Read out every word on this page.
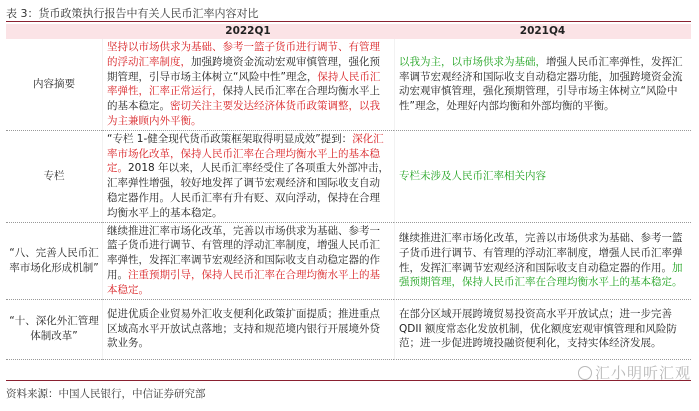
表 3：货币政策执行报告中有关人民币汇率内容对比
	2022Q1	2021Q4
内容摘要	坚持以市场供求为基础、参考一篮子货币进行调节、有管理的浮动汇率制度，加强跨境资金流动宏观审慎管理，强化预期管理，引导市场主体树立“风险中性”理念，保持人民币汇率弹性，汇率正常运行，保持人民币汇率在合理均衡水平上的基本稳定。密切关注主要发达经济体货币政策调整，以我为主兼顾内外平衡。	以我为主，以市场供求为基础，增强人民币汇率弹性，发挥汇率调节宏观经济和国际收支自动稳定器功能，加强跨境资金流动宏观审慎管理，强化预期管理，引导市场主体树立“风险中性”理念，处理好内部均衡和外部均衡的平衡。
专栏	“专栏 1-健全现代货币政策框架取得明显成效”提到：深化汇率市场化改革，保持人民币汇率在合理均衡水平上的基本稳定。2018 年以来，人民币汇率经受住了各项重大外部冲击，汇率弹性增强，较好地发挥了调节宏观经济和国际收支自动稳定器作用。人民币汇率有升有贬、双向浮动，保持在合理均衡水平上的基本稳定。	专栏未涉及人民币汇率相关内容
“八、完善人民币汇率市场化形成机制”	继续推进汇率市场化改革，完善以市场供求为基础、参考一篮子货币进行调节、有管理的浮动汇率制度，增强人民币汇率弹性，发挥汇率调节宏观经济和国际收支自动稳定器的作用。注重预期引导，保持人民币汇率在合理均衡水平上的基本稳定。	继续推进汇率市场化改革，完善以市场供求为基础、参考一篮子货币进行调节、有管理的浮动汇率制度，增强人民币汇率弹性，发挥汇率调节宏观经济和国际收支自动稳定器的作用。加强预期管理，保持人民币汇率在合理均衡水平上的基本稳定。
“十、深化外汇管理体制改革”	促进优质企业贸易外汇收支便利化政策扩面提质；推进重点区域高水平开放试点落地；支持和规范境内银行开展境外贷款业务。	在部分区域开展跨境贸易投资高水平开放试点；进一步完善 QDII 额度常态化发放机制，优化额度宏观审慎管理和风险防范；进一步促进跨境投融资便利化，支持实体经济发展。
资料来源：中国人民银行，中信证券研究部
汇小明听汇观
